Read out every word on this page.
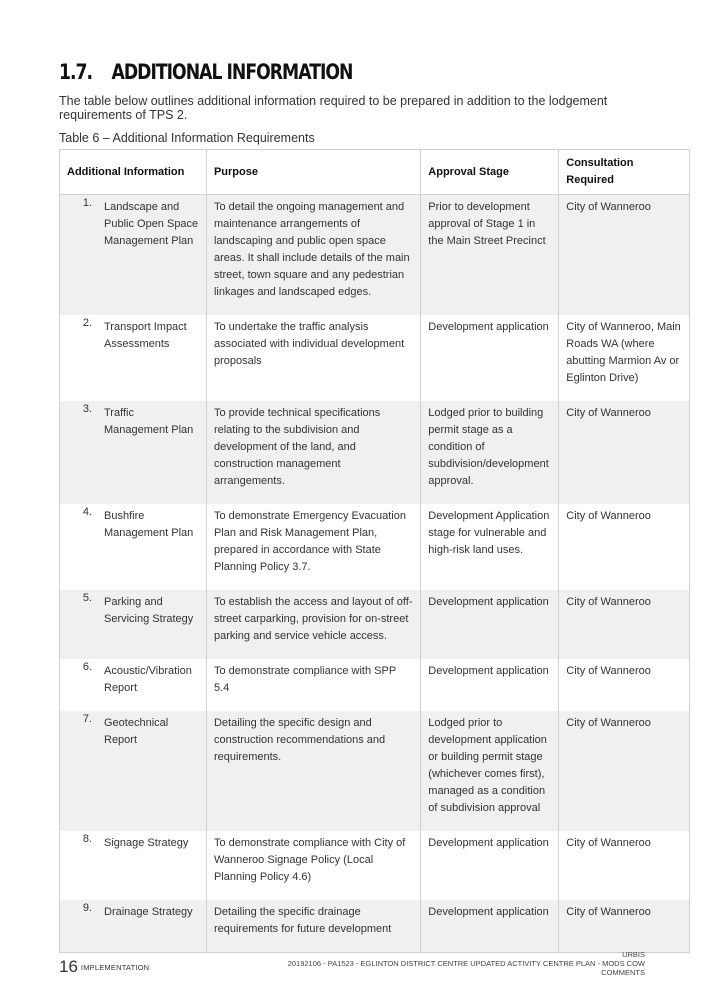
1.7. ADDITIONAL INFORMATION
The table below outlines additional information required to be prepared in addition to the lodgement requirements of TPS 2.
Table 6 – Additional Information Requirements
Additional Information	Purpose	Approval Stage	Consultation Required

1. Landscape and Public Open Space Management Plan	To detail the ongoing management and maintenance arrangements of landscaping and public open space areas. It shall include details of the main street, town square and any pedestrian linkages and landscaped edges.	Prior to development approval of Stage 1 in the Main Street Precinct	City of Wanneroo

2. Transport Impact Assessments	To undertake the traffic analysis associated with individual development proposals	Development application	City of Wanneroo, Main Roads WA (where abutting Marmion Av or Eglinton Drive)

3. Traffic Management Plan	To provide technical specifications relating to the subdivision and development of the land, and construction management arrangements.	Lodged prior to building permit stage as a condition of subdivision/development approval.	City of Wanneroo

4. Bushfire Management Plan	To demonstrate Emergency Evacuation Plan and Risk Management Plan, prepared in accordance with State Planning Policy 3.7.	Development Application stage for vulnerable and high-risk land uses.	City of Wanneroo

5. Parking and Servicing Strategy	To establish the access and layout of off-street carparking, provision for on-street parking and service vehicle access.	Development application	City of Wanneroo

6. Acoustic/Vibration Report	To demonstrate compliance with SPP 5.4	Development application	City of Wanneroo

7. Geotechnical Report	Detailing the specific design and construction recommendations and requirements.	Lodged prior to development application or building permit stage (whichever comes first), managed as a condition of subdivision approval	City of Wanneroo

8. Signage Strategy	To demonstrate compliance with City of Wanneroo Signage Policy (Local Planning Policy 4.6)	Development application	City of Wanneroo

9. Drainage Strategy	Detailing the specific drainage requirements for future development	Development application	City of Wanneroo
16 IMPLEMENTATION
URBIS
20192106 - PA1523 - EGLINTON DISTRICT CENTRE UPDATED ACTIVITY CENTRE PLAN - MODS COW COMMENTS
